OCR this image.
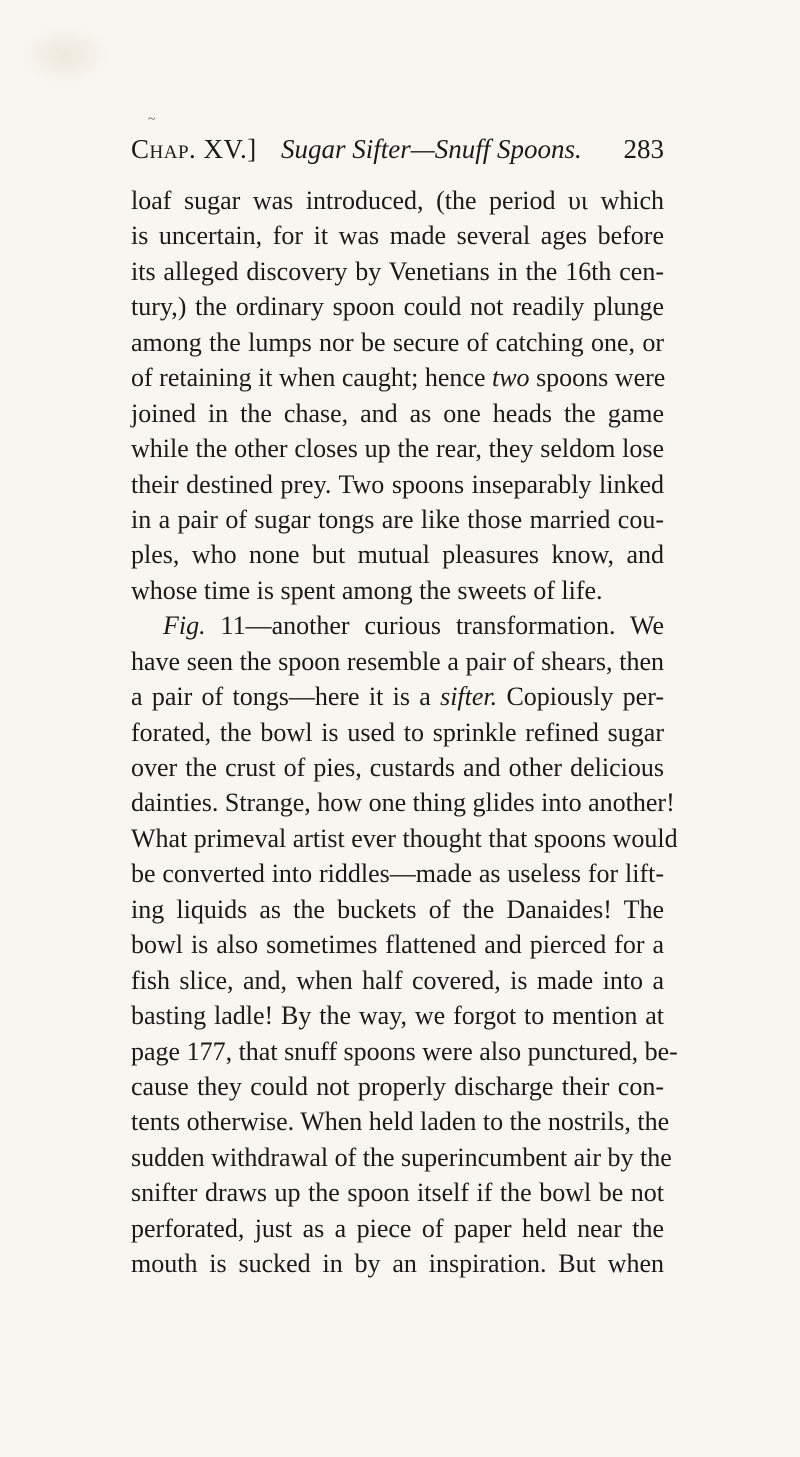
~
Chap. XV.] Sugar Sifter—Snuff Spoons. 283
loaf sugar was introduced, (the period υι which
is uncertain, for it was made several ages before
its alleged discovery by Venetians in the 16th cen-
tury,) the ordinary spoon could not readily plunge
among the lumps nor be secure of catching one, or
of retaining it when caught; hence two spoons were
joined in the chase, and as one heads the game
while the other closes up the rear, they seldom lose
their destined prey. Two spoons inseparably linked
in a pair of sugar tongs are like those married cou-
ples, who none but mutual pleasures know, and
whose time is spent among the sweets of life.
Fig. 11—another curious transformation. We
have seen the spoon resemble a pair of shears, then
a pair of tongs—here it is a sifter. Copiously per-
forated, the bowl is used to sprinkle refined sugar
over the crust of pies, custards and other delicious
dainties. Strange, how one thing glides into another!
What primeval artist ever thought that spoons would
be converted into riddles—made as useless for lift-
ing liquids as the buckets of the Danaides! The
bowl is also sometimes flattened and pierced for a
fish slice, and, when half covered, is made into a
basting ladle! By the way, we forgot to mention at
page 177, that snuff spoons were also punctured, be-
cause they could not properly discharge their con-
tents otherwise. When held laden to the nostrils, the
sudden withdrawal of the superincumbent air by the
snifter draws up the spoon itself if the bowl be not
perforated, just as a piece of paper held near the
mouth is sucked in by an inspiration. But when
